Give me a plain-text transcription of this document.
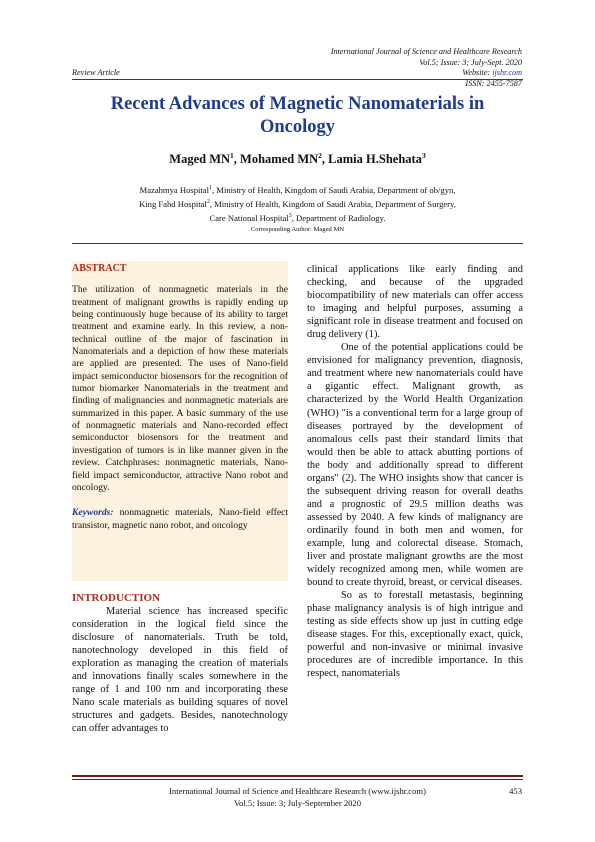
International Journal of Science and Healthcare Research
Vol.5; Issue: 3; July-Sept. 2020
Website: ijshr.com
ISSN: 2455-7587
Review Article
Recent Advances of Magnetic Nanomaterials in
Oncology
Maged $MN^1$, Mohamed $MN^2$, Lamia H.Shehata$^3$
Mazahmya Hospital$^1$, Ministry of Health, Kingdom of Saudi Arabia, Department of ob/gyn,
King Fahd Hospital$^2$, Ministry of Health, Kingdom of Saudi Arabia, Department of Surgery,
Care National Hospital$^3$, Department of Radiology.
Corresponding Author: Maged MN
ABSTRACT

The utilization of nonmagnetic materials in the treatment of malignant growths is rapidly ending up being continuously huge because of its ability to target treatment and examine early. In this review, a non-technical outline of the major of fascination in Nanomaterials and a depiction of how these materials are applied are presented. The uses of Nano-field impact semiconductor biosensors for the recognition of tumor biomarker Nanomaterials in the treatment and finding of malignancies and nonmagnetic materials are summarized in this paper. A basic summary of the use of nonmagnetic materials and Nano-recorded effect semiconductor biosensors for the treatment and investigation of tumors is in like manner given in the review. Catchphrases: nonmagnetic materials, Nano-field impact semiconductor, attractive Nano robot and oncology.

Keywords: nonmagnetic materials, Nano-field effect transistor, magnetic nano robot, and oncology

INTRODUCTION

Material science has increased specific consideration in the logical field since the disclosure of nanomaterials. Truth be told, nanotechnology developed in this field of exploration as managing the creation of materials and innovations finally scales somewhere in the range of 1 and 100 nm and incorporating these Nano scale materials as building squares of novel structures and gadgets. Besides, nanotechnology can offer advantages to

clinical applications like early finding and checking, and because of the upgraded biocompatibility of new materials can offer access to imaging and helpful purposes, assuming a significant role in disease treatment and focused on drug delivery (1).

One of the potential applications could be envisioned for malignancy prevention, diagnosis, and treatment where new nanomaterials could have a gigantic effect. Malignant growth, as characterized by the World Health Organization (WHO) "is a conventional term for a large group of diseases portrayed by the development of anomalous cells past their standard limits that would then be able to attack abutting portions of the body and additionally spread to different organs" (2). The WHO insights show that cancer is the subsequent driving reason for overall deaths and a prognostic of 29.5 million deaths was assessed by 2040. A few kinds of malignancy are ordinarily found in both men and women, for example, lung and colorectal disease. Stomach, liver and prostate malignant growths are the most widely recognized among men, while women are bound to create thyroid, breast, or cervical diseases.

So as to forestall metastasis, beginning phase malignancy analysis is of high intrigue and testing as side effects show up just in cutting edge disease stages. For this, exceptionally exact, quick, powerful and non-invasive or minimal invasive procedures are of incredible importance. In this respect, nanomaterials

International Journal of Science and Healthcare Research (www.ijshr.com)
Vol.5; Issue: 3; July-September 2020
453
